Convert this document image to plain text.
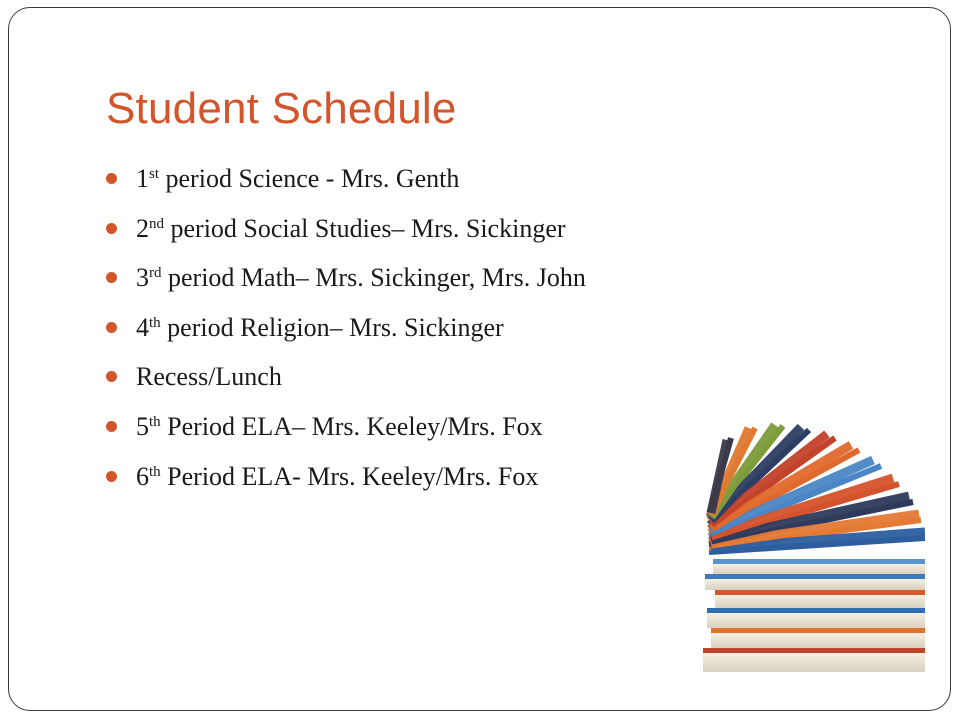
Student Schedule
1st period Science - Mrs. Genth
2nd period Social Studies– Mrs. Sickinger
3rd period Math– Mrs. Sickinger, Mrs. John
4th period Religion– Mrs. Sickinger
Recess/Lunch
5th Period ELA– Mrs. Keeley/Mrs. Fox
6th Period ELA- Mrs. Keeley/Mrs. Fox
